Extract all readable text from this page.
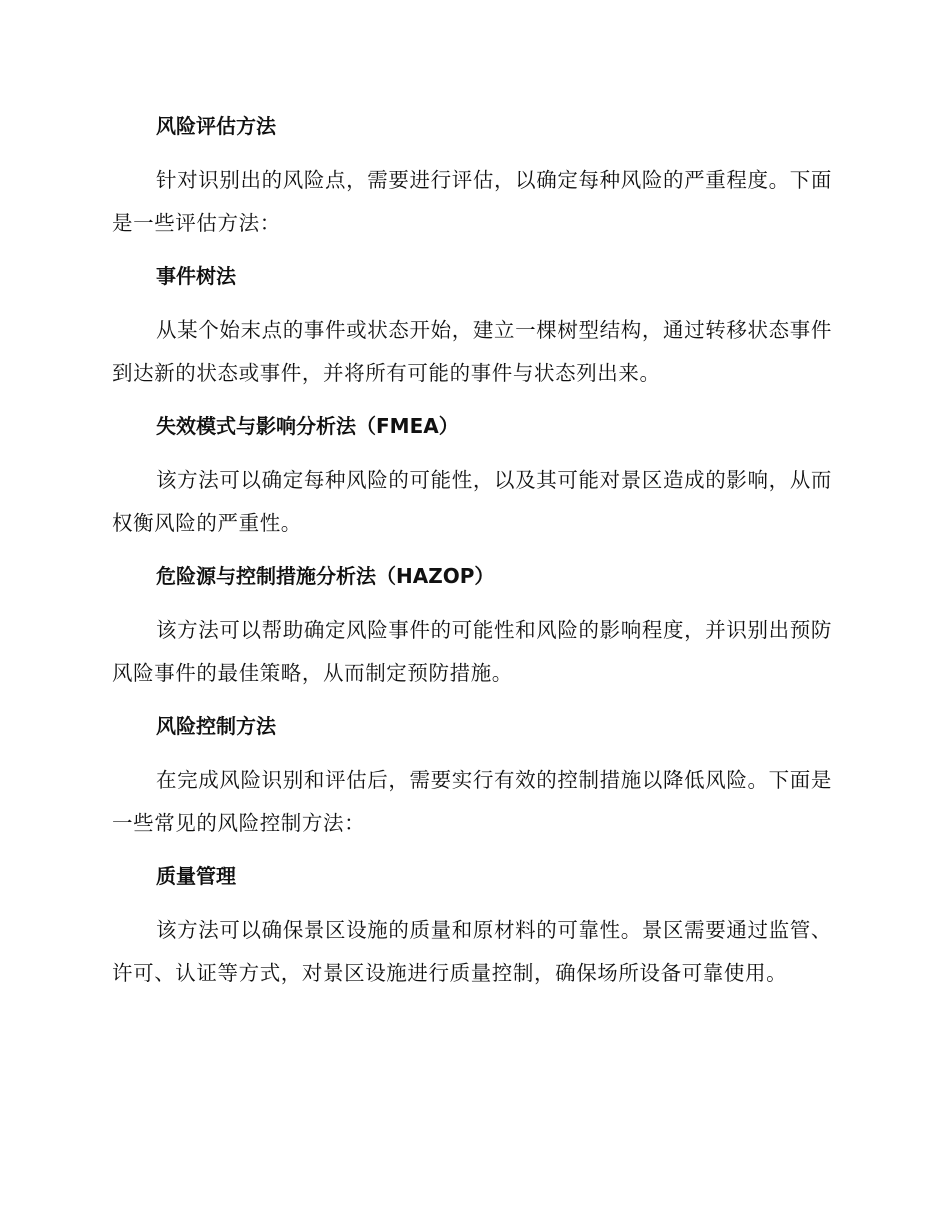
风险评估方法

针对识别出的风险点，需要进行评估，以确定每种风险的严重程度。下面是一些评估方法：

事件树法

从某个始末点的事件或状态开始，建立一棵树型结构，通过转移状态事件到达新的状态或事件，并将所有可能的事件与状态列出来。

失效模式与影响分析法（FMEA）

该方法可以确定每种风险的可能性，以及其可能对景区造成的影响，从而权衡风险的严重性。

危险源与控制措施分析法（HAZOP）

该方法可以帮助确定风险事件的可能性和风险的影响程度，并识别出预防风险事件的最佳策略，从而制定预防措施。

风险控制方法

在完成风险识别和评估后，需要实行有效的控制措施以降低风险。下面是一些常见的风险控制方法：

质量管理

该方法可以确保景区设施的质量和原材料的可靠性。景区需要通过监管、许可、认证等方式，对景区设施进行质量控制，确保场所设备可靠使用。
